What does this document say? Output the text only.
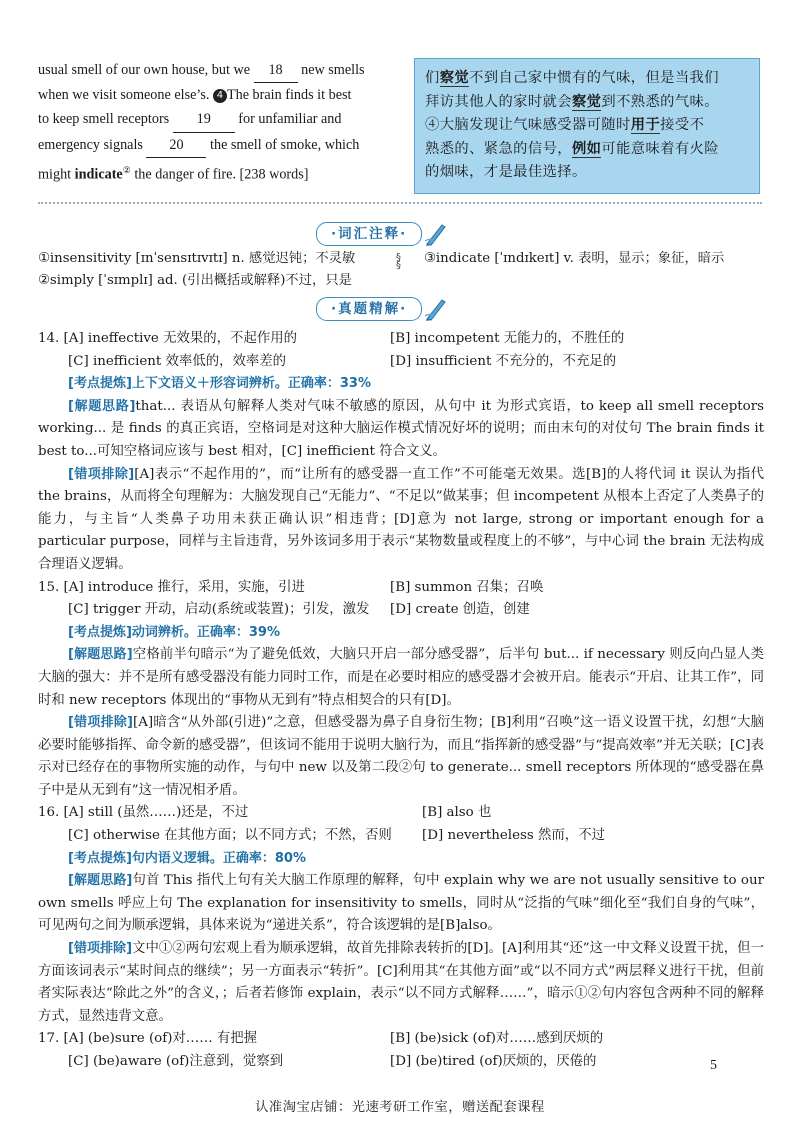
usual smell of our own house, but we 18 new smells
when we visit someone else’s. 4 The brain finds it best
to keep smell receptors 19 for unfamiliar and
emergency signals 20 the smell of smoke, which
might indicate② the danger of fire. [238 words]
们察觉不到自己家中惯有的气味，但是当我们
拜访其他人的家时就会察觉到不熟悉的气味。
④大脑发现让气味感受器可随时用于接受不
熟悉的、紧急的信号，例如可能意味着有火险
的烟味，才是最佳选择。
·词汇注释·
①insensitivity [ɪnˈsensɪtɪvɪtɪ] n. 感觉迟钝；不灵敏
②simply [ˈsɪmplɪ] ad. (引出概括或解释)不过，只是
③indicate [ˈɪndɪkeɪt] v. 表明，显示；象征，暗示
§ §
·真题精解·
14. [A] ineffective 无效果的，不起作用的	[B] incompetent 无能力的，不胜任的
[C] inefficient 效率低的，效率差的	[D] insufficient 不充分的，不充足的
[考点提炼]上下文语义＋形容词辨析。正确率：33%

[解题思路]that... 表语从句解释人类对气味不敏感的原因，从句中 it 为形式宾语，to keep all smell receptors working... 是 finds 的真正宾语，空格词是对这种大脑运作模式情况好坏的说明；而由末句的对仗句 The brain finds it best to...可知空格词应该与 best 相对，[C] inefficient 符合文义。

[错项排除][A]表示“不起作用的”，而“让所有的感受器一直工作”不可能毫无效果。选[B]的人将代词 it 误认为指代 the brains，从而将全句理解为：大脑发现自己“无能力”、“不足以”做某事；但 incompetent 从根本上否定了人类鼻子的能力，与主旨“人类鼻子功用未获正确认识”相违背；[D]意为 not large, strong or important enough for a particular purpose，同样与主旨违背，另外该词多用于表示“某物数量或程度上的不够”，与中心词 the brain 无法构成合理语义逻辑。

15. [A] introduce 推行，采用，实施，引进	[B] summon 召集；召唤
[C] trigger 开动，启动(系统或装置)；引发，激发	[D] create 创造，创建
[考点提炼]动词辨析。正确率：39%

[解题思路]空格前半句暗示“为了避免低效，大脑只开启一部分感受器”，后半句 but... if necessary 则反向凸显人类大脑的强大：并不是所有感受器没有能力同时工作，而是在必要时相应的感受器才会被开启。能表示“开启、让其工作”，同时和 new receptors 体现出的“事物从无到有”特点相契合的只有[D]。

[错项排除][A]暗含“从外部(引进)”之意，但感受器为鼻子自身衍生物；[B]利用“召唤”这一语义设置干扰，幻想“大脑必要时能够指挥、命令新的感受器”，但该词不能用于说明大脑行为，而且“指挥新的感受器”与“提高效率”并无关联；[C]表示对已经存在的事物所实施的动作，与句中 new 以及第二段②句 to generate... smell receptors 所体现的“感受器在鼻子中是从无到有”这一情况相矛盾。

16. [A] still (虽然……)还是，不过	[B] also 也
[C] otherwise 在其他方面；以不同方式；不然，否则	[D] nevertheless 然而，不过
[考点提炼]句内语义逻辑。正确率：80%

[解题思路]句首 This 指代上句有关大脑工作原理的解释，句中 explain why we are not usually sensitive to our own smells 呼应上句 The explanation for insensitivity to smells，同时从“泛指的气味”细化至“我们自身的气味”，可见两句之间为顺承逻辑，具体来说为“递进关系”，符合该逻辑的是[B]also。

[错项排除]文中①②两句宏观上看为顺承逻辑，故首先排除表转折的[D]。[A]利用其“还”这一中文释义设置干扰，但一方面该词表示“某时间点的继续”；另一方面表示“转折”。[C]利用其“在其他方面”或“以不同方式”两层释义进行干扰，但前者实际表达“除此之外”的含义，；后者若修饰 explain，表示“以不同方式解释……”，暗示①②句内容包含两种不同的解释方式，显然违背文意。

17. [A] (be)sure (of)对…… 有把握	[B] (be)sick (of)对……感到厌烦的
[C] (be)aware (of)注意到，觉察到	[D] (be)tired (of)厌烦的，厌倦的	5
认准淘宝店铺：光速考研工作室，赠送配套课程
